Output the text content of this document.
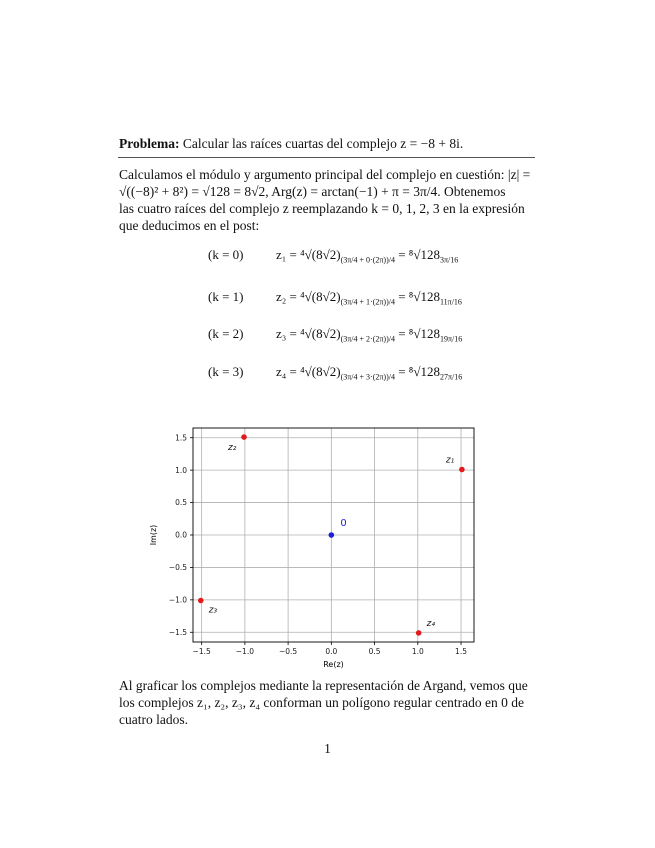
Problema: Calcular las raíces cuartas del complejo z = −8 + 8i.
Calculamos el módulo y argumento principal del complejo en cuestión: |z| =
√((−8)² + 8²) = √128 = 8√2, Arg(z) = arctan(−1) + π = 3π/4. Obtenemos
las cuatro raíces del complejo z reemplazando k = 0, 1, 2, 3 en la expresión
que deducimos en el post:
(k = 0)	$z_1 = ^4√(8√2)_{(3\pi/4 + 0\cdot(2\pi))/4} = ^8√128_{3\pi/16}$
(k = 1)	$z_2 = ^4√(8√2)_{(3\pi/4 + 1\cdot(2\pi))/4} = ^8√128_{11\pi/16}$
(k = 2)	$z_3 = ^4√(8√2)_{(3\pi/4 + 2\cdot(2\pi))/4} = ^8√128_{19\pi/16}$
(k = 3)	$z_4 = ^4√(8√2)_{(3\pi/4 + 3\cdot(2\pi))/4} = ^8√128_{27\pi/16}$
−1.5	−1.0	−0.5	0.0	0.5	1.0	1.5
−1.5
−1.0
−0.5
0.0
0.5
1.0
1.5
z₁
z₂
z₃
z₄
0
Re(z)
Im(z)
Al graficar los complejos mediante la representación de Argand, vemos que
los complejos z₁, z₂, z₃, z₄ conforman un polígono regular centrado en 0 de
cuatro lados.
1
